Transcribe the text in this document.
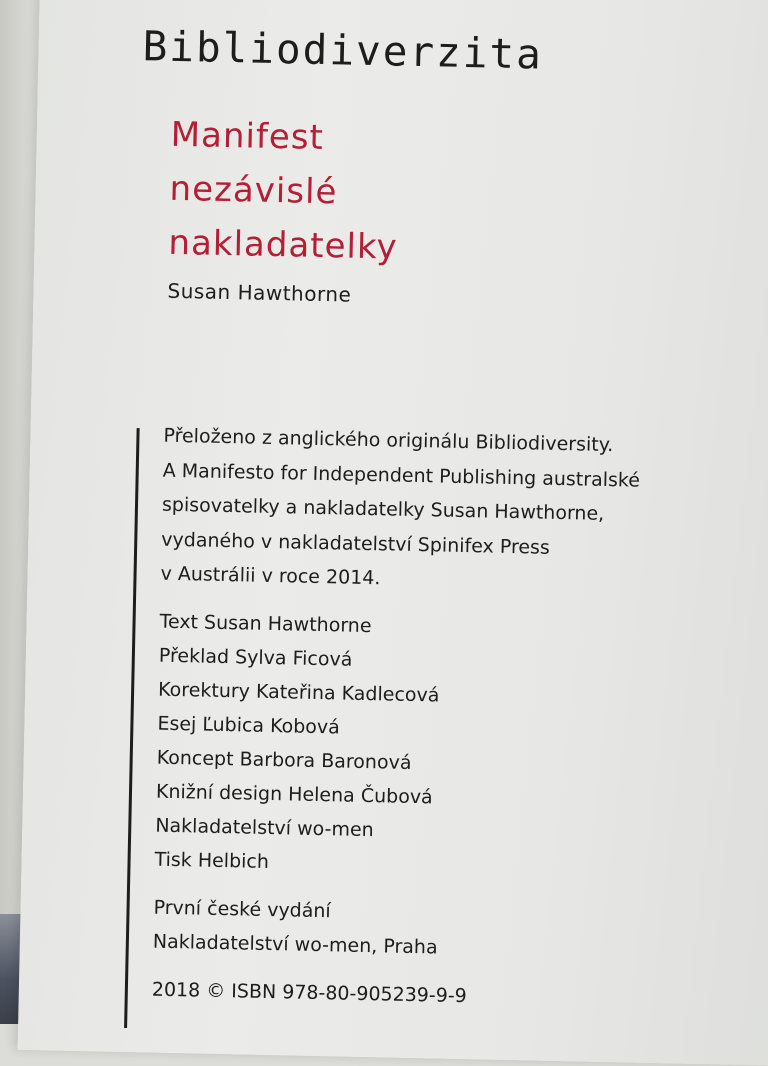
Bibliodiverzita
Manifest
nezávislé
nakladatelky
Susan Hawthorne

Přeloženo z anglického originálu Bibliodiversity.

A Manifesto for Independent Publishing australské

spisovatelky a nakladatelky Susan Hawthorne,

vydaného v nakladatelství Spinifex Press

v Austrálii v roce 2014.

Text Susan Hawthorne

Překlad Sylva Ficová

Korektury Kateřina Kadlecová

Esej Ľubica Kobová

Koncept Barbora Baronová

Knižní design Helena Čubová

Nakladatelství wo-men

Tisk Helbich

První české vydání

Nakladatelství wo-men, Praha

2018 © ISBN 978-80-905239-9-9
